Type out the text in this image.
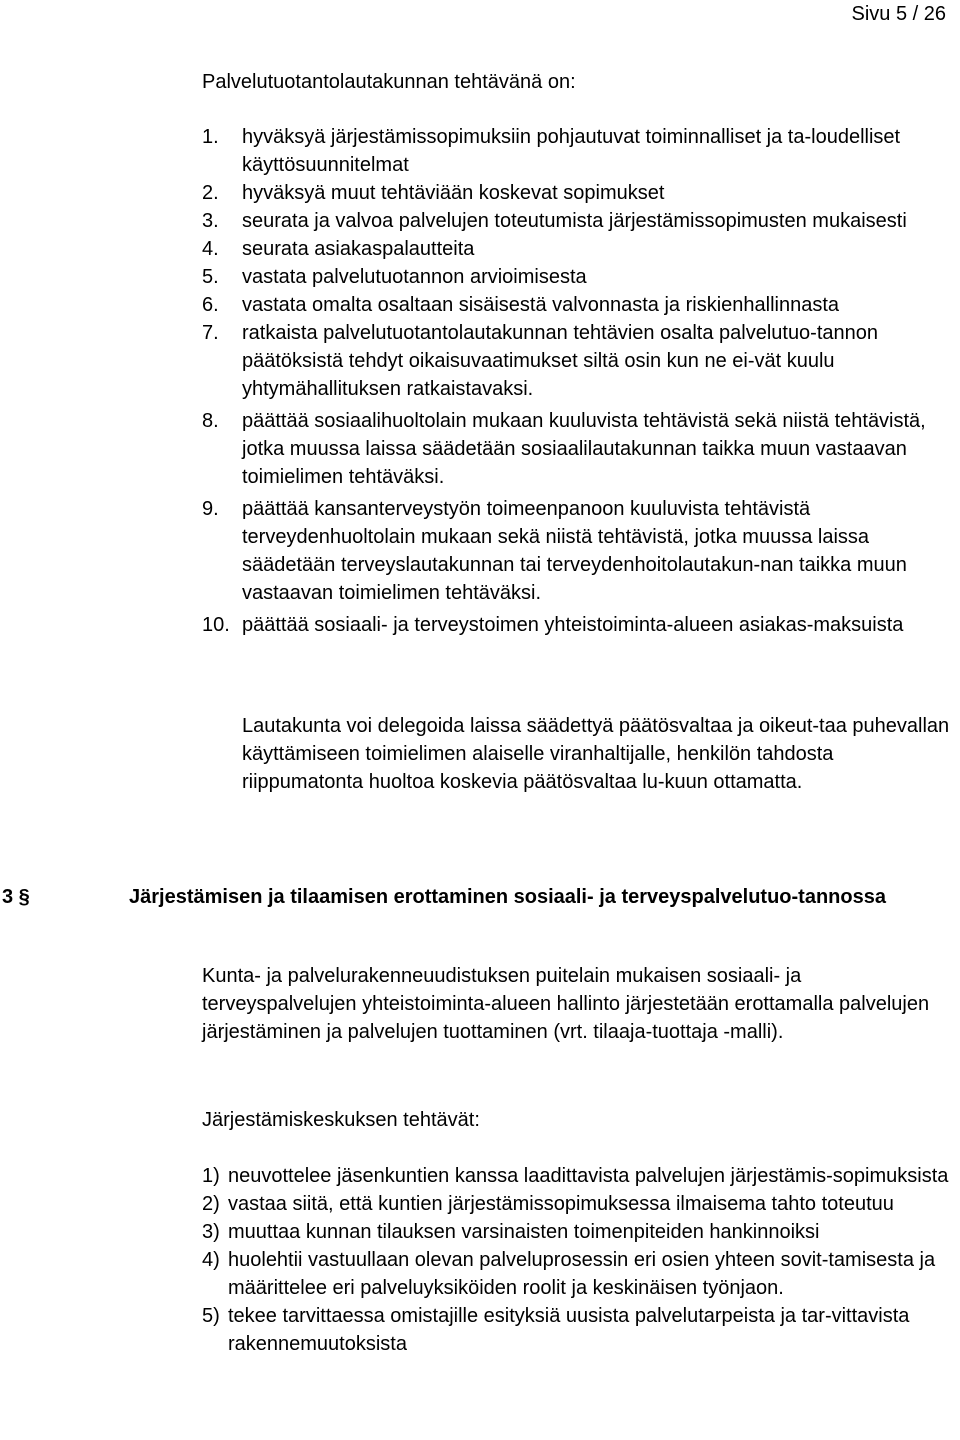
Sivu 5 / 26

Palvelutuotantolautakunnan tehtävänä on:

1. hyväksyä järjestämissopimuksiin pohjautuvat toiminnalliset ja ta-loudelliset käyttösuunnitelmat
2. hyväksyä muut tehtäviään koskevat sopimukset
3. seurata ja valvoa palvelujen toteutumista järjestämissopimusten mukaisesti
4. seurata asiakaspalautteita
5. vastata palvelutuotannon arvioimisesta
6. vastata omalta osaltaan sisäisestä valvonnasta ja riskienhallinnasta
7. ratkaista palvelutuotantolautakunnan tehtävien osalta palvelutuo-tannon päätöksistä tehdyt oikaisuvaatimukset siltä osin kun ne ei-vät kuulu yhtymähallituksen ratkaistavaksi.
8. päättää sosiaalihuoltolain mukaan kuuluvista tehtävistä sekä niistä tehtävistä, jotka muussa laissa säädetään sosiaalilautakunnan taikka muun vastaavan toimielimen tehtäväksi.
9. päättää kansanterveystyön toimeenpanoon kuuluvista tehtävistä terveydenhuoltolain mukaan sekä niistä tehtävistä, jotka muussa laissa säädetään terveyslautakunnan tai terveydenhoitolautakun-nan taikka muun vastaavan toimielimen tehtäväksi.
10. päättää sosiaali- ja terveystoimen yhteistoiminta-alueen asiakas-maksuista

Lautakunta voi delegoida laissa säädettyä päätösvaltaa ja oikeut-taa puhevallan käyttämiseen toimielimen alaiselle viranhaltijalle, henkilön tahdosta riippumatonta huoltoa koskevia päätösvaltaa lu-kuun ottamatta.

3 §	Järjestämisen ja tilaamisen erottaminen sosiaali- ja terveyspalvelutuo-tannossa

Kunta- ja palvelurakenneuudistuksen puitelain mukaisen sosiaali- ja terveyspalvelujen yhteistoiminta-alueen hallinto järjestetään erottamalla palvelujen järjestäminen ja palvelujen tuottaminen (vrt. tilaaja-tuottaja -malli).

Järjestämiskeskuksen tehtävät:

1) neuvottelee jäsenkuntien kanssa laadittavista palvelujen järjestämis-sopimuksista
2) vastaa siitä, että kuntien järjestämissopimuksessa ilmaisema tahto toteutuu
3) muuttaa kunnan tilauksen varsinaisten toimenpiteiden hankinnoiksi
4) huolehtii vastuullaan olevan palveluprosessin eri osien yhteen sovit-tamisesta ja määrittelee eri palveluyksiköiden roolit ja keskinäisen työnjaon.
5) tekee tarvittaessa omistajille esityksiä uusista palvelutarpeista ja tar-vittavista rakennemuutoksista
